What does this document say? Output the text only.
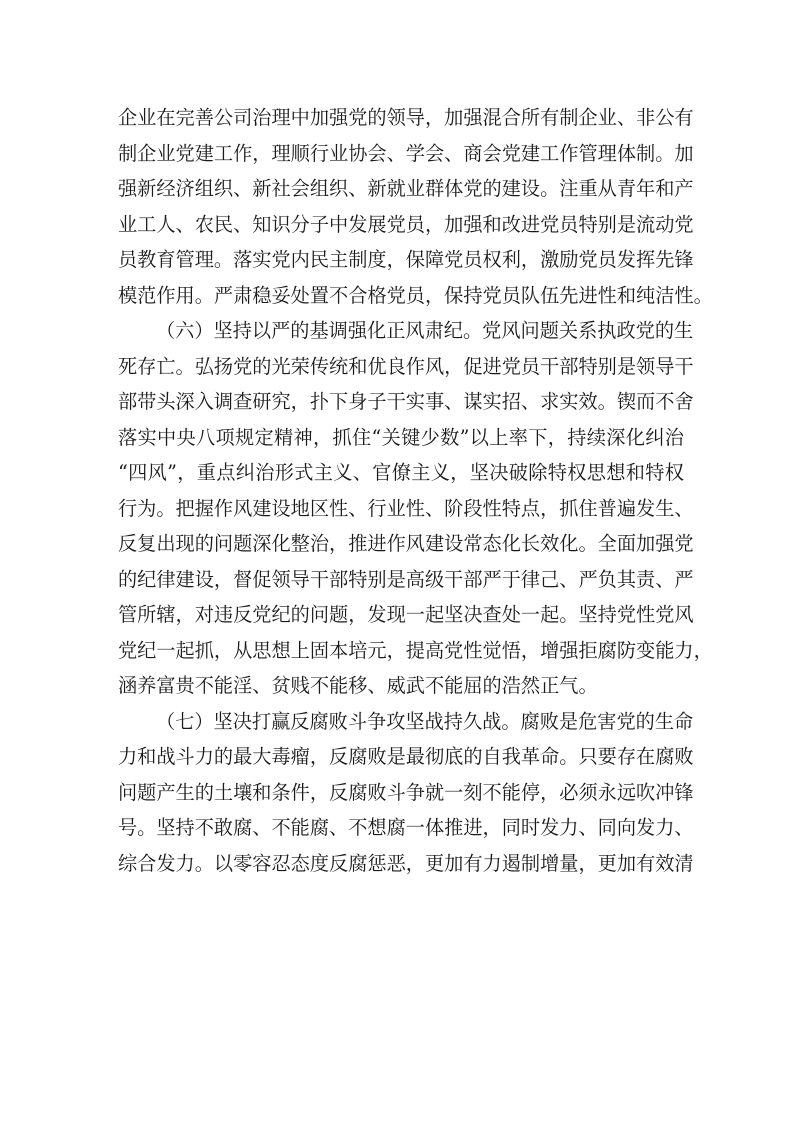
企业在完善公司治理中加强党的领导，加强混合所有制企业、非公有
制企业党建工作，理顺行业协会、学会、商会党建工作管理体制。加
强新经济组织、新社会组织、新就业群体党的建设。注重从青年和产
业工人、农民、知识分子中发展党员，加强和改进党员特别是流动党
员教育管理。落实党内民主制度，保障党员权利，激励党员发挥先锋
模范作用。严肃稳妥处置不合格党员，保持党员队伍先进性和纯洁性。
（六）坚持以严的基调强化正风肃纪。党风问题关系执政党的生
死存亡。弘扬党的光荣传统和优良作风，促进党员干部特别是领导干
部带头深入调查研究，扑下身子干实事、谋实招、求实效。锲而不舍
落实中央八项规定精神，抓住“关键少数”以上率下，持续深化纠治
“四风”，重点纠治形式主义、官僚主义，坚决破除特权思想和特权
行为。把握作风建设地区性、行业性、阶段性特点，抓住普遍发生、
反复出现的问题深化整治，推进作风建设常态化长效化。全面加强党
的纪律建设，督促领导干部特别是高级干部严于律己、严负其责、严
管所辖，对违反党纪的问题，发现一起坚决查处一起。坚持党性党风
党纪一起抓，从思想上固本培元，提高党性觉悟，增强拒腐防变能力，
涵养富贵不能淫、贫贱不能移、威武不能屈的浩然正气。
（七）坚决打赢反腐败斗争攻坚战持久战。腐败是危害党的生命
力和战斗力的最大毒瘤，反腐败是最彻底的自我革命。只要存在腐败
问题产生的土壤和条件，反腐败斗争就一刻不能停，必须永远吹冲锋
号。坚持不敢腐、不能腐、不想腐一体推进，同时发力、同向发力、
综合发力。以零容忍态度反腐惩恶，更加有力遏制增量，更加有效清
